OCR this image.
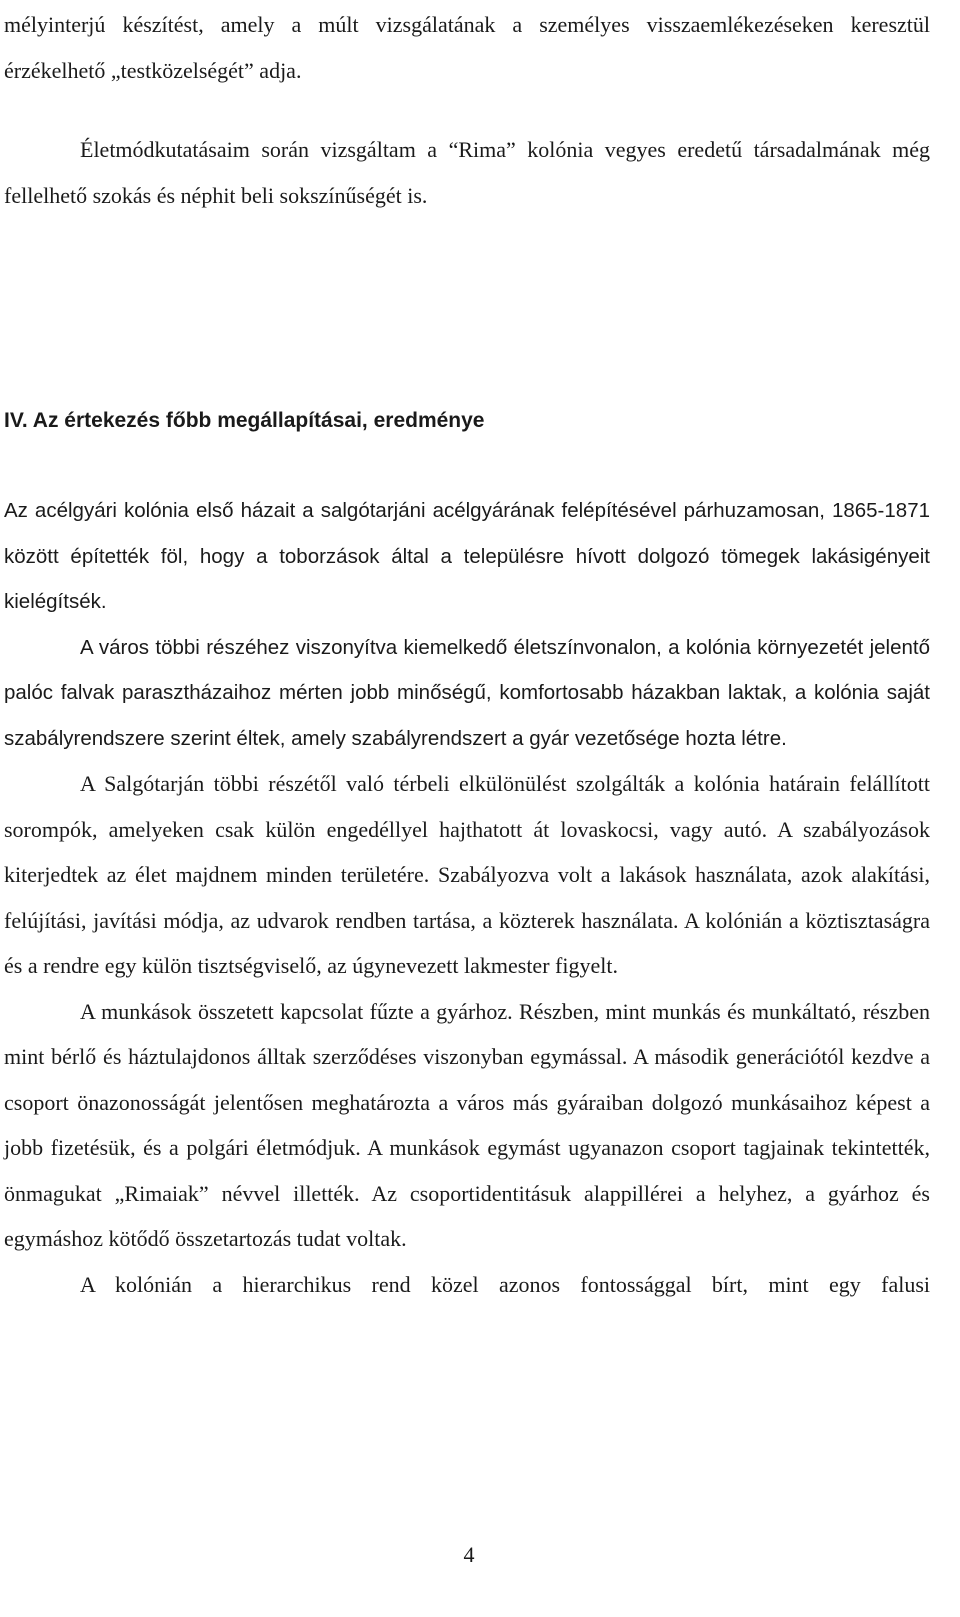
mélyinterjú készítést, amely a múlt vizsgálatának a személyes visszaemlékezéseken keresztül érzékelhető „testközelségét” adja.

Életmódkutatásaim során vizsgáltam a “Rima” kolónia vegyes eredetű társadalmának még fellelhető szokás és néphit beli sokszínűségét is.

IV. Az értekezés főbb megállapításai, eredménye

Az acélgyári kolónia első házait a salgótarjáni acélgyárának felépítésével párhuzamosan, 1865-1871 között építették föl, hogy a toborzások által a településre hívott dolgozó tömegek lakásigényeit kielégítsék.

A város többi részéhez viszonyítva kiemelkedő életszínvonalon, a kolónia környezetét jelentő palóc falvak parasztházaihoz mérten jobb minőségű, komfortosabb házakban laktak, a kolónia saját szabályrendszere szerint éltek, amely szabályrendszert a gyár vezetősége hozta létre.

A Salgótarján többi részétől való térbeli elkülönülést szolgálták a kolónia határain felállított sorompók, amelyeken csak külön engedéllyel hajthatott át lovaskocsi, vagy autó. A szabályozások kiterjedtek az élet majdnem minden területére. Szabályozva volt a lakások használata, azok alakítási, felújítási, javítási módja, az udvarok rendben tartása, a közterek használata. A kolónián a köztisztaságra és a rendre egy külön tisztségviselő, az úgynevezett lakmester figyelt.

A munkások összetett kapcsolat fűzte a gyárhoz. Részben, mint munkás és munkáltató, részben mint bérlő és háztulajdonos álltak szerződéses viszonyban egymással. A második generációtól kezdve a csoport önazonosságát jelentősen meghatározta a város más gyáraiban dolgozó munkásaihoz képest a jobb fizetésük, és a polgári életmódjuk. A munkások egymást ugyanazon csoport tagjainak tekintették, önmagukat „Rimaiak” névvel illették. Az csoportidentitásuk alappillérei a helyhez, a gyárhoz és egymáshoz kötődő összetartozás tudat voltak.

A kolónián a hierarchikus rend közel azonos fontossággal bírt, mint egy falusi

4
